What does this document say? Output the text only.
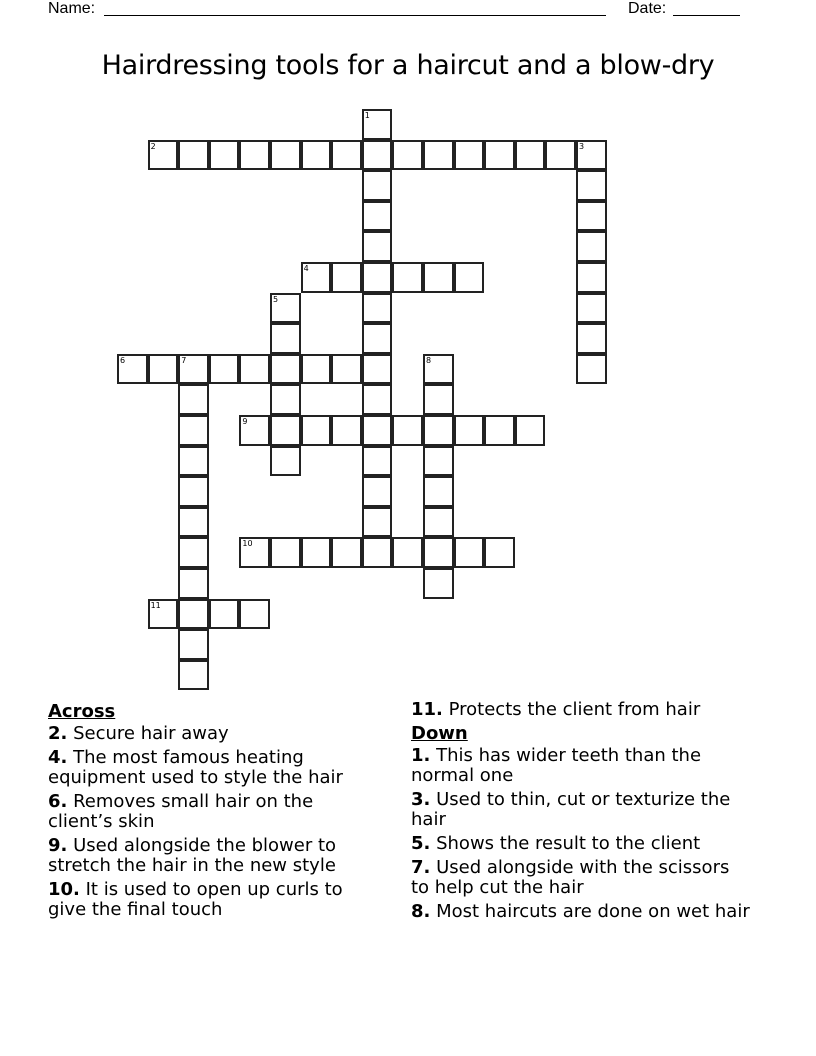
Name:	Date:
Hairdressing tools for a haircut and a blow-dry
1
2	3
4
5
6	7	8
9
10
11
Across
2. Secure hair away
4. The most famous heating equipment used to style the hair
6. Removes small hair on the client’s skin
9. Used alongside the blower to stretch the hair in the new style
10. It is used to open up curls to give the final touch
11. Protects the client from hair
Down
1. This has wider teeth than the normal one
3. Used to thin, cut or texturize the hair
5. Shows the result to the client
7. Used alongside with the scissors to help cut the hair
8. Most haircuts are done on wet hair
